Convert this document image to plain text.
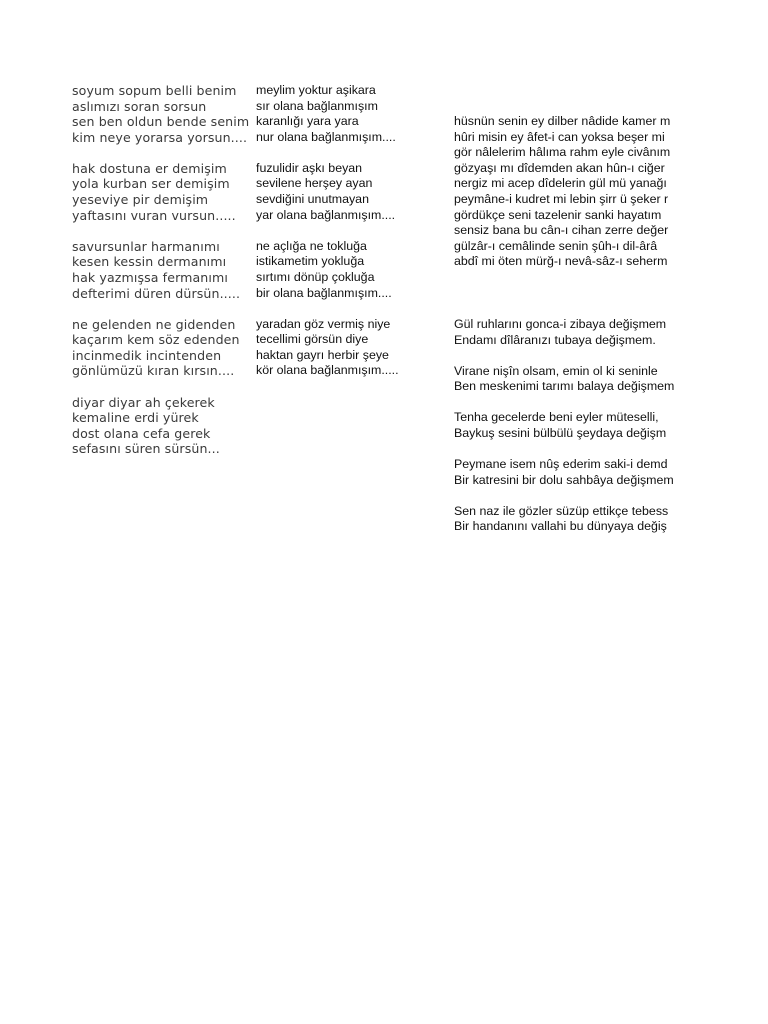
soyum sopum belli benim
aslımızı soran sorsun
sen ben oldun bende senim
kim neye yorarsa yorsun....
hak dostuna er demişim
yola kurban ser demişim
yeseviye pir demişim
yaftasını vuran vursun.....
savursunlar harmanımı
kesen kessin dermanımı
hak yazmışsa fermanımı
defterimi düren dürsün.....
ne gelenden ne gidenden
kaçarım kem söz edenden
incinmedik incintenden
gönlümüzü kıran kırsın....
diyar diyar ah çekerek
kemaline erdi yürek
dost olana cefa gerek
sefasını süren sürsün...
meylim yoktur aşikara
sır olana bağlanmışım
karanlığı yara yara
nur olana bağlanmışım....
fuzulidir aşkı beyan
sevilene herşey ayan
sevdiğini unutmayan
yar olana bağlanmışım....
ne açlığa ne tokluğa
istikametim yokluğa
sırtımı dönüp çokluğa
bir olana bağlanmışım....
yaradan göz vermiş niye
tecellimi görsün diye
haktan gayrı herbir şeye
kör olana bağlanmışım.....
hüsnün senin ey dilber nâdide kamer m
hûri misin ey âfet-i can yoksa beşer mi
gör nâlelerim hâlıma rahm eyle civânım
gözyaşı mı dîdemden akan hûn-ı ciğer
nergiz mi acep dîdelerin gül mü yanağı
peymâne-i kudret mi lebin şirr ü şeker r
gördükçe seni tazelenir sanki hayatım
sensiz bana bu cân-ı cihan zerre değer
gülzâr-ı cemâlinde senin şûh-ı dil-ârâ
abdî mi öten mürğ-ı nevâ-sâz-ı seherm
Gül ruhlarını gonca-i zibaya değişmem
Endamı dîlâranızı tubaya değişmem.
Virane nişîn olsam, emin ol ki seninle
Ben meskenimi tarımı balaya değişmem
Tenha gecelerde beni eyler müteselli,
Baykuş sesini bülbülü şeydaya değişm
Peymane isem nûş ederim saki-i demd
Bir katresini bir dolu sahbâya değişmem
Sen naz ile gözler süzüp ettikçe tebess
Bir handanını vallahi bu dünyaya değiş
